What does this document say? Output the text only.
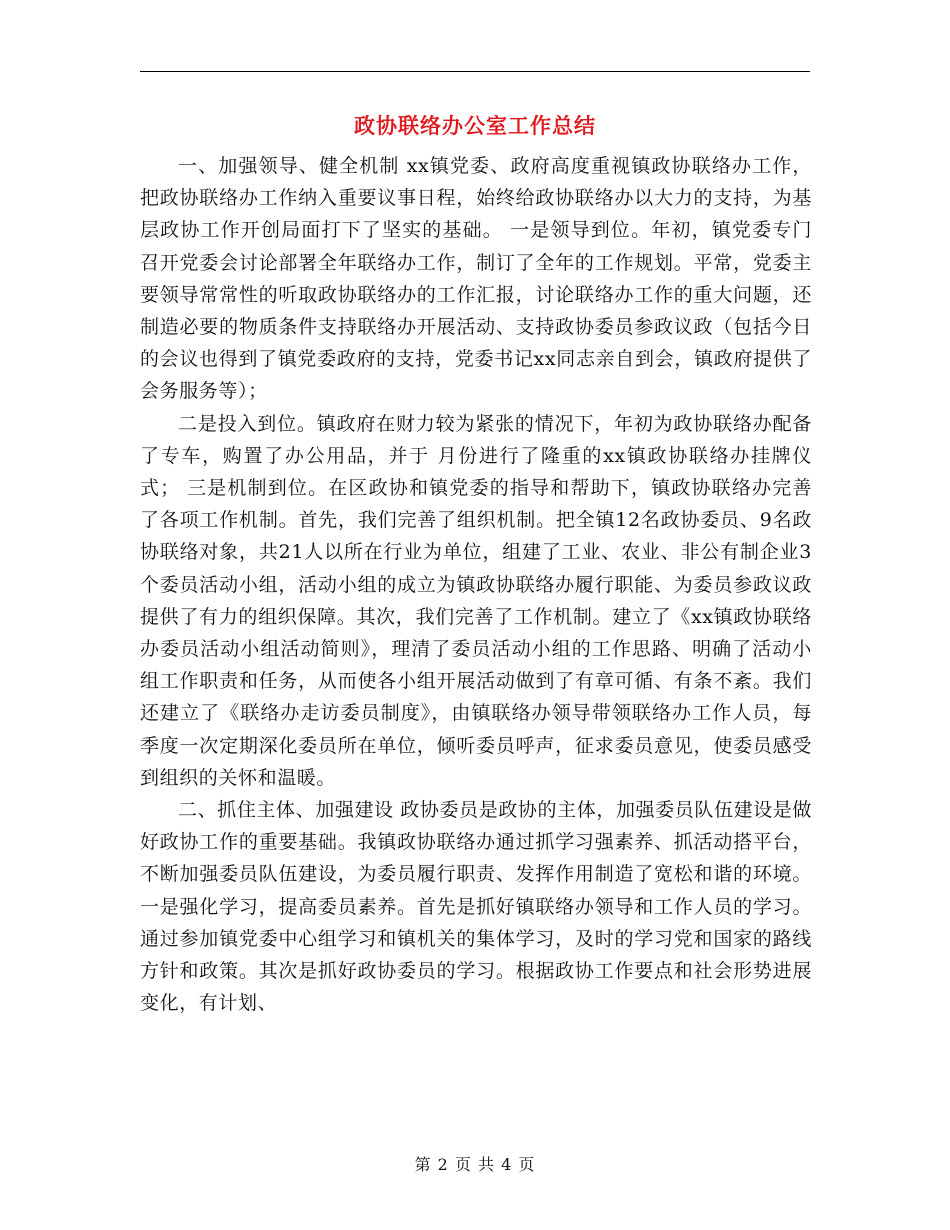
政协联络办公室工作总结

一、加强领导、健全机制 xx镇党委、政府高度重视镇政协联络办工作，把政协联络办工作纳入重要议事日程，始终给政协联络办以大力的支持，为基层政协工作开创局面打下了坚实的基础。 一是领导到位。年初，镇党委专门召开党委会讨论部署全年联络办工作，制订了全年的工作规划。平常，党委主要领导常常性的听取政协联络办的工作汇报，讨论联络办工作的重大问题，还制造必要的物质条件支持联络办开展活动、支持政协委员参政议政（包括今日的会议也得到了镇党委政府的支持，党委书记xx同志亲自到会，镇政府提供了会务服务等）；

二是投入到位。镇政府在财力较为紧张的情况下，年初为政协联络办配备了专车，购置了办公用品，并于 月份进行了隆重的xx镇政协联络办挂牌仪式； 三是机制到位。在区政协和镇党委的指导和帮助下，镇政协联络办完善了各项工作机制。首先，我们完善了组织机制。把全镇12名政协委员、9名政协联络对象，共21人以所在行业为单位，组建了工业、农业、非公有制企业3个委员活动小组，活动小组的成立为镇政协联络办履行职能、为委员参政议政提供了有力的组织保障。其次，我们完善了工作机制。建立了《xx镇政协联络办委员活动小组活动简则》，理清了委员活动小组的工作思路、明确了活动小组工作职责和任务，从而使各小组开展活动做到了有章可循、有条不紊。我们还建立了《联络办走访委员制度》，由镇联络办领导带领联络办工作人员，每季度一次定期深化委员所在单位，倾听委员呼声，征求委员意见，使委员感受到组织的关怀和温暖。

二、抓住主体、加强建设 政协委员是政协的主体，加强委员队伍建设是做好政协工作的重要基础。我镇政协联络办通过抓学习强素养、抓活动搭平台，不断加强委员队伍建设，为委员履行职责、发挥作用制造了宽松和谐的环境。 一是强化学习，提高委员素养。首先是抓好镇联络办领导和工作人员的学习。通过参加镇党委中心组学习和镇机关的集体学习，及时的学习党和国家的路线方针和政策。其次是抓好政协委员的学习。根据政协工作要点和社会形势进展变化，有计划、

第 2 页 共 4 页
